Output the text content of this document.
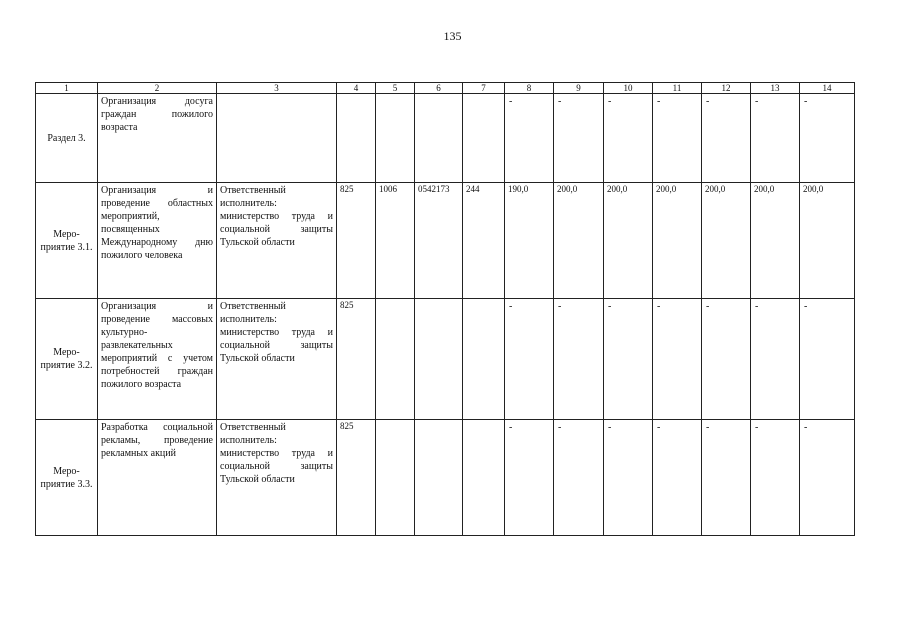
135
1	2	3	4	5	6	7	8	9	10	11	12	13	14
Раздел 3.	Организация досуга граждан пожилого возраста						-	-	-	-	-	-	-
Меро-приятие 3.1.	Организация и проведение областных мероприятий, посвященных Международному дню пожилого человека	Ответственный исполнитель: министерство труда и социальной защиты Тульской области	825	1006	0542173	244	190,0	200,0	200,0	200,0	200,0	200,0	200,0
Меро-приятие 3.2.	Организация и проведение массовых культурно-развлекательных мероприятий с учетом потребностей граждан пожилого возраста	Ответственный исполнитель: министерство труда и социальной защиты Тульской области	825				-	-	-	-	-	-	-
Меро-приятие 3.3.	Разработка социальной рекламы, проведение рекламных акций	Ответственный исполнитель: министерство труда и социальной защиты Тульской области	825				-	-	-	-	-	-	-
